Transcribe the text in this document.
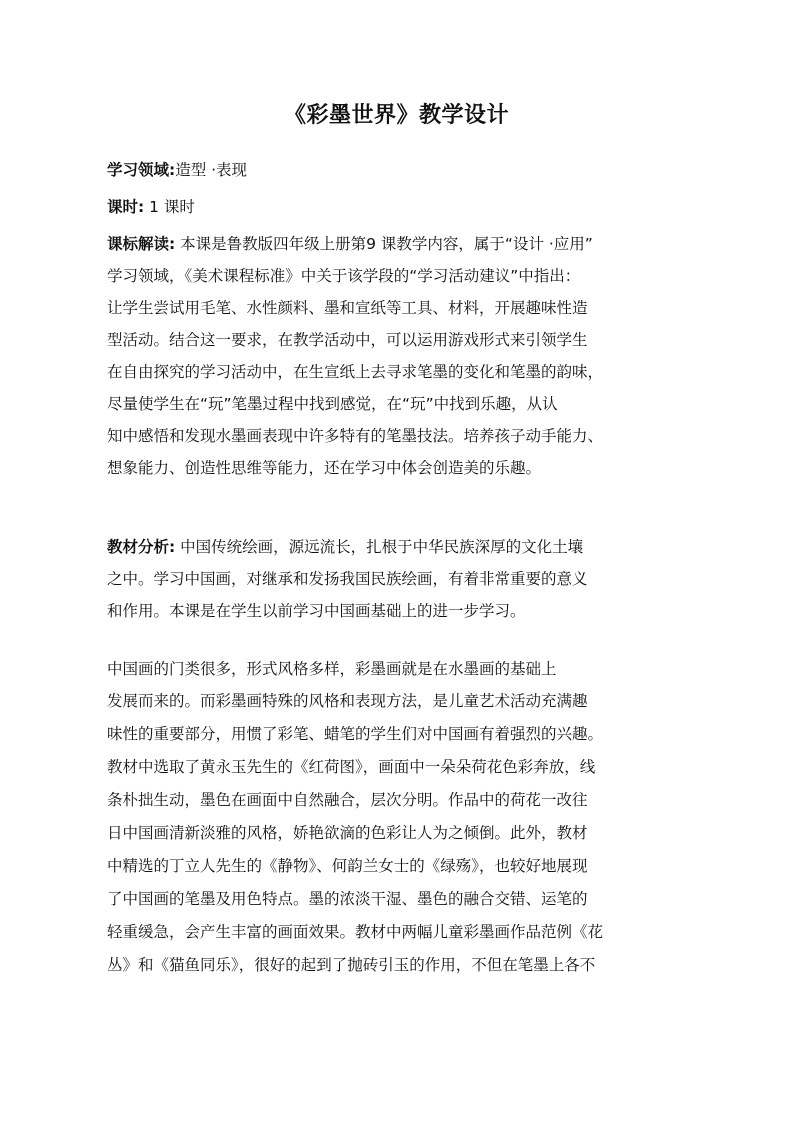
《彩墨世界》教学设计
学习领域:造型 ·表现
课时: 1 课时
课标解读: 本课是鲁教版四年级上册第9 课教学内容，属于“设计 ·应用”
学习领域，《美术课程标准》中关于该学段的“学习活动建议”中指出：
让学生尝试用毛笔、水性颜料、墨和宣纸等工具、材料，开展趣味性造
型活动。结合这一要求，在教学活动中，可以运用游戏形式来引领学生
在自由探究的学习活动中，在生宣纸上去寻求笔墨的变化和笔墨的韵味，
尽量使学生在“玩”笔墨过程中找到感觉，在“玩”中找到乐趣，从认
知中感悟和发现水墨画表现中许多特有的笔墨技法。培养孩子动手能力、
想象能力、创造性思维等能力，还在学习中体会创造美的乐趣。
教材分析: 中国传统绘画，源远流长，扎根于中华民族深厚的文化土壤
之中。学习中国画，对继承和发扬我国民族绘画，有着非常重要的意义
和作用。本课是在学生以前学习中国画基础上的进一步学习。
中国画的门类很多，形式风格多样，彩墨画就是在水墨画的基础上
发展而来的。而彩墨画特殊的风格和表现方法，是儿童艺术活动充满趣
味性的重要部分，用惯了彩笔、蜡笔的学生们对中国画有着强烈的兴趣。
教材中选取了黄永玉先生的《红荷图》，画面中一朵朵荷花色彩奔放，线
条朴拙生动，墨色在画面中自然融合，层次分明。作品中的荷花一改往
日中国画清新淡雅的风格，娇艳欲滴的色彩让人为之倾倒。此外，教材
中精选的丁立人先生的《静物》、何韵兰女士的《绿殇》，也较好地展现
了中国画的笔墨及用色特点。墨的浓淡干湿、墨色的融合交错、运笔的
轻重缓急，会产生丰富的画面效果。教材中两幅儿童彩墨画作品范例《花
丛》和《猫鱼同乐》，很好的起到了抛砖引玉的作用，不但在笔墨上各不
